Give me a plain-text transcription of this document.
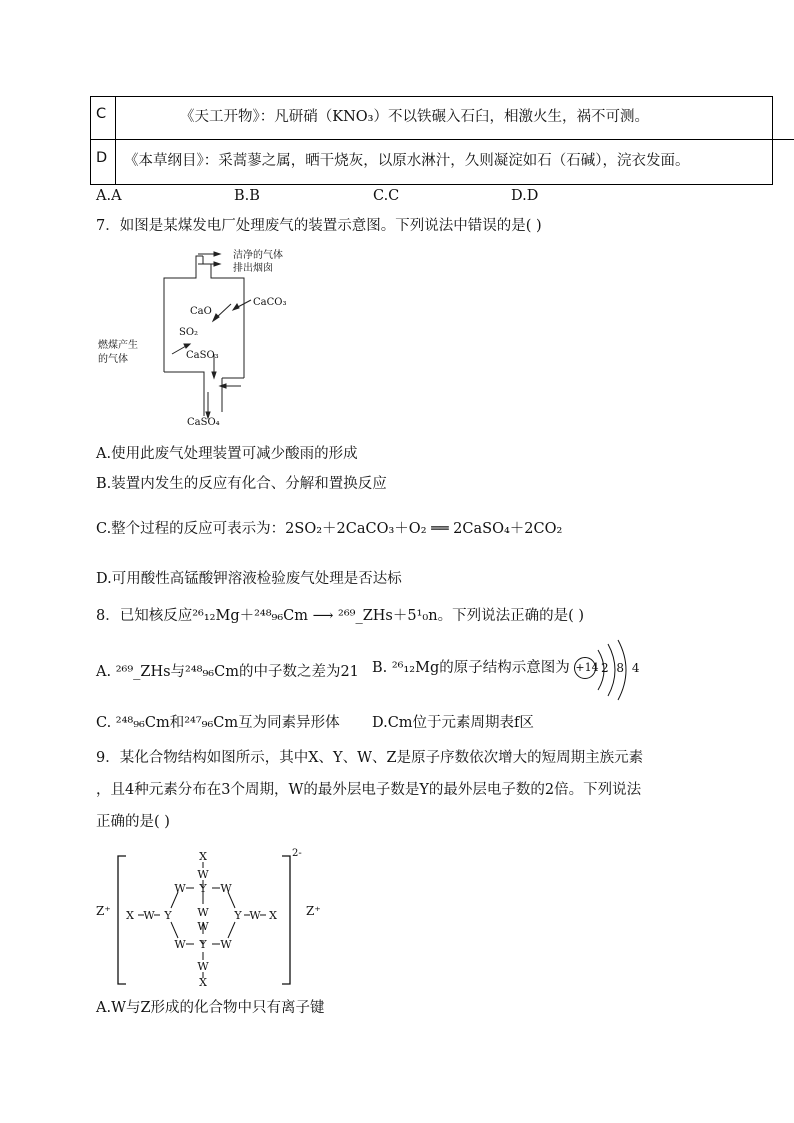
C	《天工开物》：凡研硝（KNO₃）不以铁碾入石臼，相激火生，祸不可测。
D 《本草纲目》：采蒿蓼之属，晒干烧灰，以原水淋汁，久则凝淀如石（石碱），浣衣发面。
A.A	B.B	C.C	D.D
7．如图是某煤发电厂处理废气的装置示意图。下列说法中错误的是( )
洁净的气体
排出烟囱
CaCO₃
CaO
SO₂
燃煤产生
的气体	CaSO₃
CaSO₄
A.使用此废气处理装置可减少酸雨的形成
B.装置内发生的反应有化合、分解和置换反应
C.整个过程的反应可表示为：2SO₂＋2CaCO₃＋O₂ ══ 2CaSO₄＋2CO₂
D.可用酸性高锰酸钾溶液检验废气处理是否达标
8．已知核反应²⁶₁₂Mg＋²⁴⁸₉₆Cm ⟶ ²⁶⁹_ZHs＋5¹₀n。下列说法正确的是( )
A. ²⁶⁹_ZHs与²⁴⁸₉₆Cm的中子数之差为21 B. ²⁶₁₂Mg的原子结构示意图为 +14 2 8 4
C. ²⁴⁸₉₆Cm和²⁴⁷₉₆Cm互为同素异形体 D.Cm位于元素周期表f区
9．某化合物结构如图所示，其中X、Y、W、Z是原子序数依次增大的短周期主族元素
，且4种元素分布在3个周期，W的最外层电子数是Y的最外层电子数的2倍。下列说法
正确的是( )
Z⁺	Z⁺
2-
X
W
W Y W
W
X W Y	Y W X
W
W Y W
W
X
A.W与Z形成的化合物中只有离子键
